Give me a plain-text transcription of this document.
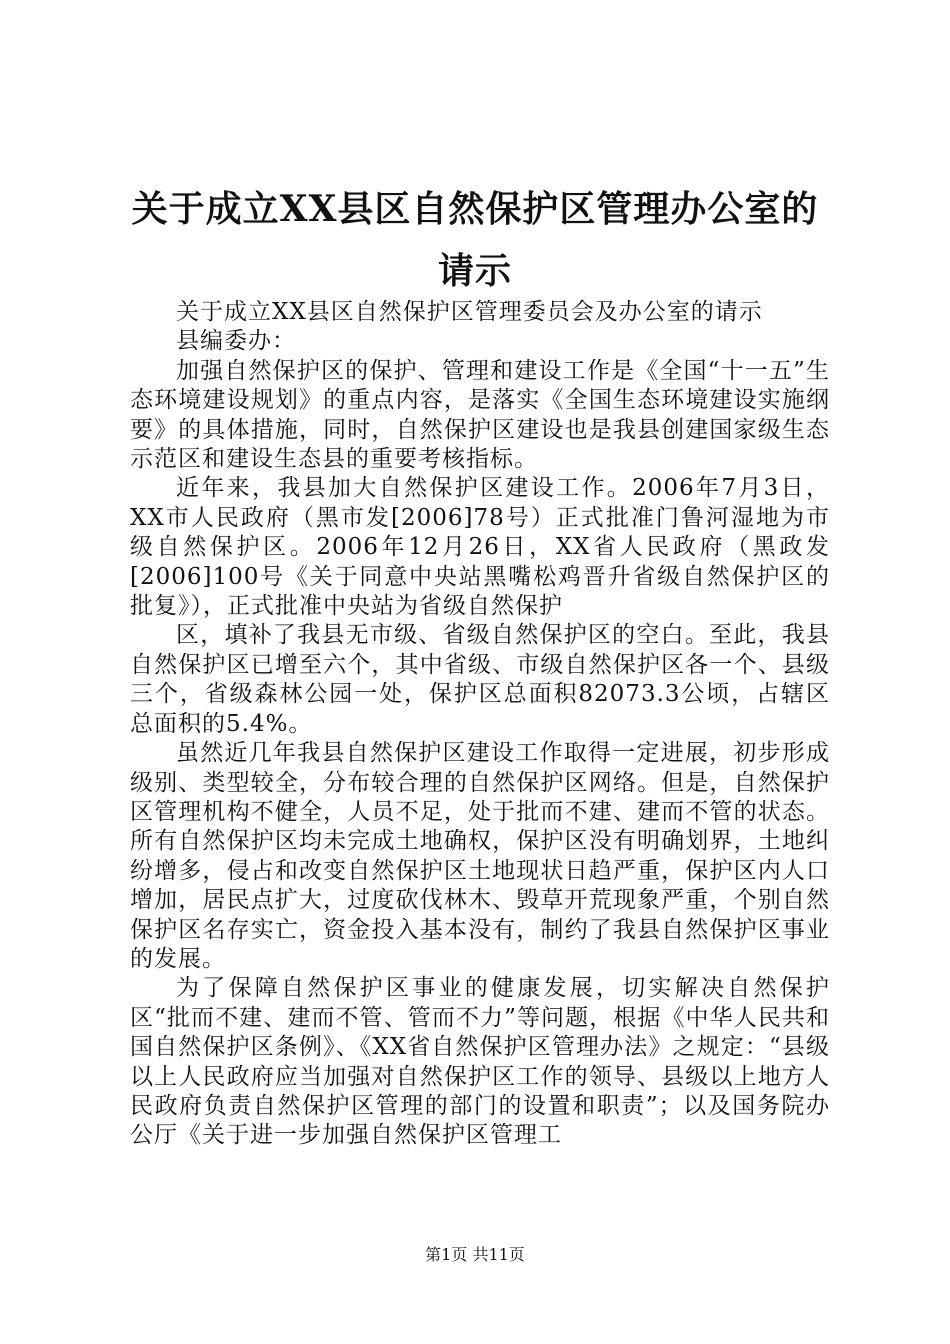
关于成立XX县区自然保护区管理办公室的请示

关于成立XX县区自然保护区管理委员会及办公室的请示

县编委办：

加强自然保护区的保护、管理和建设工作是《全国“十一五”生态环境建设规划》的重点内容，是落实《全国生态环境建设实施纲要》的具体措施，同时，自然保护区建设也是我县创建国家级生态示范区和建设生态县的重要考核指标。

近年来，我县加大自然保护区建设工作。2006年7月3日，XX市人民政府（黑市发[2006]78号）正式批准门鲁河湿地为市级自然保护区。2006年12月26日，XX省人民政府（黑政发[2006]100号《关于同意中央站黑嘴松鸡晋升省级自然保护区的批复》），正式批准中央站为省级自然保护

区，填补了我县无市级、省级自然保护区的空白。至此，我县自然保护区已增至六个，其中省级、市级自然保护区各一个、县级三个，省级森林公园一处，保护区总面积82073.3公顷，占辖区总面积的5.4%。

虽然近几年我县自然保护区建设工作取得一定进展，初步形成级别、类型较全，分布较合理的自然保护区网络。但是，自然保护区管理机构不健全，人员不足，处于批而不建、建而不管的状态。所有自然保护区均未完成土地确权，保护区没有明确划界，土地纠纷增多，侵占和改变自然保护区土地现状日趋严重，保护区内人口增加，居民点扩大，过度砍伐林木、毁草开荒现象严重，个别自然保护区名存实亡，资金投入基本没有，制约了我县自然保护区事业的发展。

为了保障自然保护区事业的健康发展，切实解决自然保护区“批而不建、建而不管、管而不力”等问题，根据《中华人民共和国自然保护区条例》、《XX省自然保护区管理办法》之规定：“县级以上人民政府应当加强对自然保护区工作的领导、县级以上地方人民政府负责自然保护区管理的部门的设置和职责”；以及国务院办公厅《关于进一步加强自然保护区管理工

第1页 共11页
